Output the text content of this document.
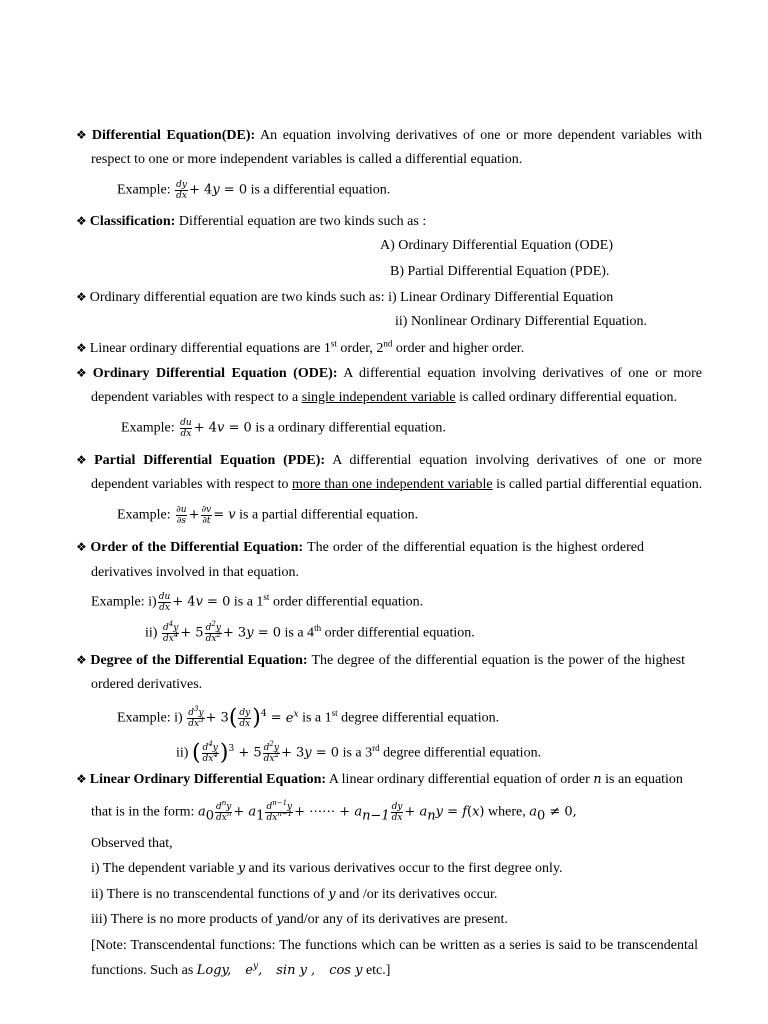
❖ Differential Equation(DE): An equation involving derivatives of one or more dependent variables with
respect to one or more independent variables is called a differential equation.
Example: $\frac{dy}{dx} + 4y = 0$ is a differential equation.
❖ Classification: Differential equation are two kinds such as :
A) Ordinary Differential Equation (ODE)
B) Partial Differential Equation (PDE).
❖ Ordinary differential equation are two kinds such as: i) Linear Ordinary Differential Equation
ii) Nonlinear Ordinary Differential Equation.
❖ Linear ordinary differential equations are 1st order, 2nd order and higher order.
❖ Ordinary Differential Equation (ODE): A differential equation involving derivatives of one or more
dependent variables with respect to a single independent variable is called ordinary differential equation.
Example: $\frac{du}{dx} + 4v = 0$ is a ordinary differential equation.
❖ Partial Differential Equation (PDE): A differential equation involving derivatives of one or more
dependent variables with respect to more than one independent variable is called partial differential equation.
Example: $\frac{\partial u}{\partial s} + \frac{\partial v}{\partial t} = v$ is a partial differential equation.
❖ Order of the Differential Equation: The order of the differential equation is the highest ordered
derivatives involved in that equation.
Example: $i) \frac{du}{dx} + 4v = 0$ is a 1st order differential equation.
$ii) \frac{d^4y}{dx^4} + 5 \frac{d^2y}{dx^2} + 3y = 0$ is a 4th order differential equation.
❖ Degree of the Differential Equation: The degree of the differential equation is the power of the highest
ordered derivatives.
Example: $i) \frac{d^3y}{dx^3} + 3( \frac{dy}{dx} )^4 = e^x$ is a 1st degree differential equation.
ii) ( $\frac{d^4y}{dx^4} )^3 + 5 \frac{d^2y}{dx^2} + 3y = 0$ is a 3rd degree differential equation.
❖ Linear Ordinary Differential Equation: A linear ordinary differential equation of order n is an equation
that is in the form: $a_0 \frac{d^ny}{dx^n} + a_1 \frac{d^{n-1}y}{dx^{n-1}}$ + ⋯⋯ + $a_{n-1} \frac{dy}{dx} + a_ny = f(x)$ where, $a_0 \ne 0$,
Observed that,
i) The dependent variable y and its various derivatives occur to the first degree only.
ii) There is no transcendental functions of y and /or its derivatives occur.
iii) There is no more products of yand/or any of its derivatives are present.
[Note: Transcendental functions: The functions which can be written as a series is said to be transcendental
functions. Such as Logy, $e^y$, sin y , cos y etc.]
